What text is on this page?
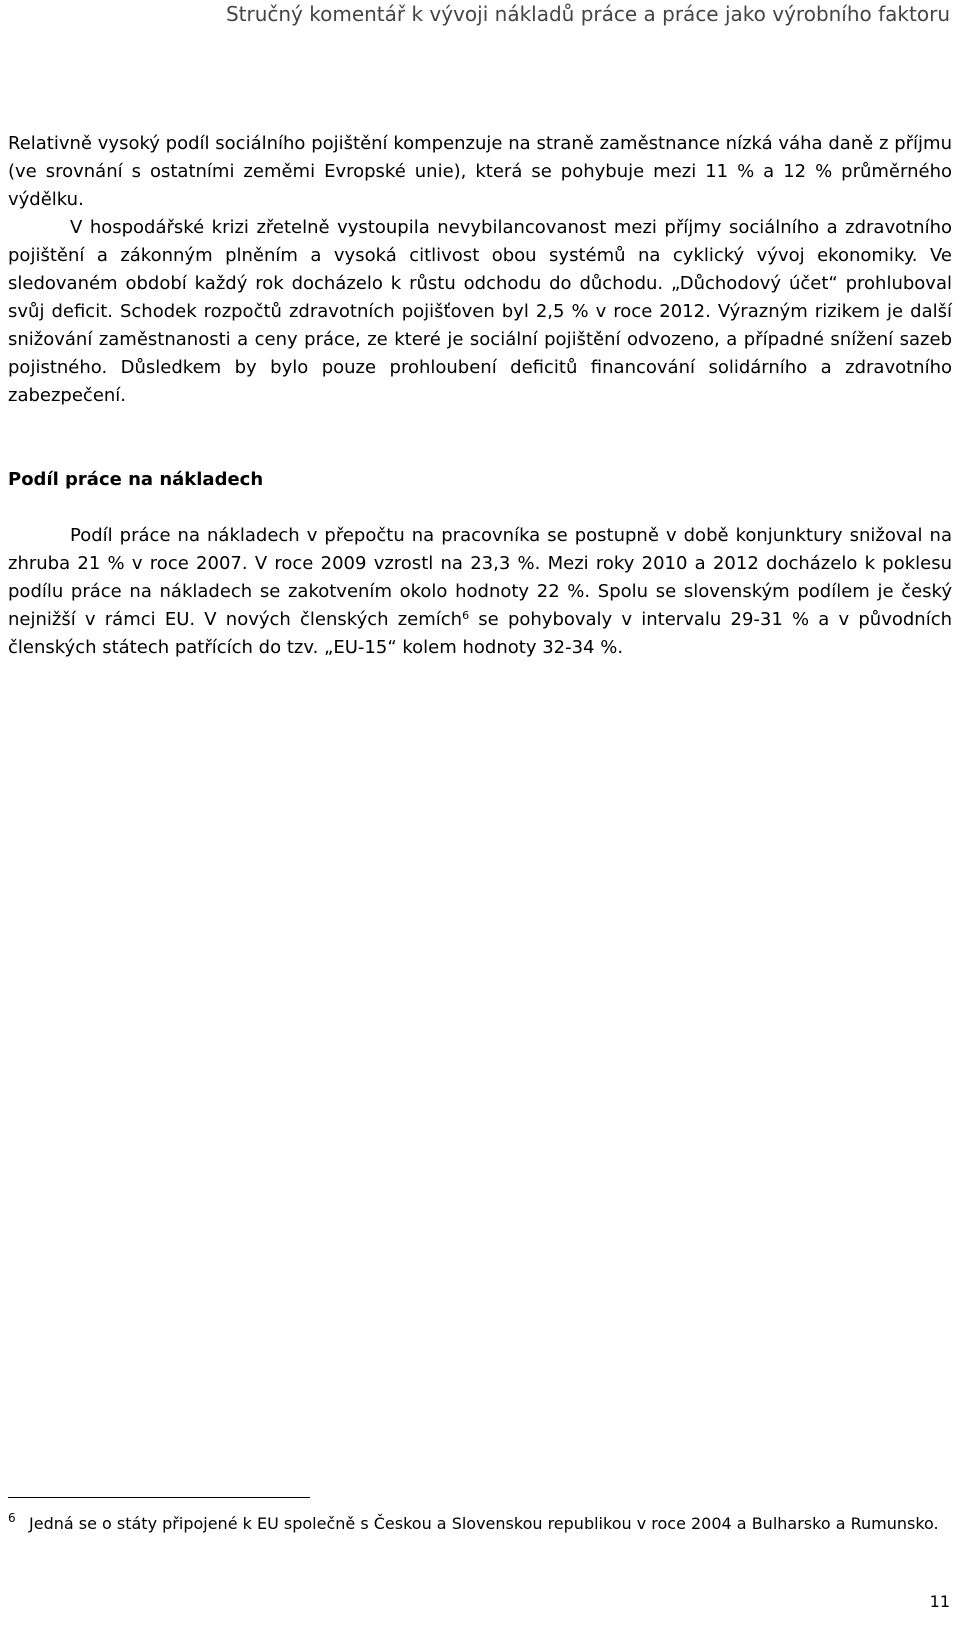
Stručný komentář k vývoji nákladů práce a práce jako výrobního faktoru

Relativně vysoký podíl sociálního pojištění kompenzuje na straně zaměstnance nízká váha daně z příjmu (ve srovnání s ostatními zeměmi Evropské unie), která se pohybuje mezi 11 % a 12 % průměrného výdělku.

V hospodářské krizi zřetelně vystoupila nevybilancovanost mezi příjmy sociálního a zdravotního pojištění a zákonným plněním a vysoká citlivost obou systémů na cyklický vývoj ekonomiky. Ve sledovaném období každý rok docházelo k růstu odchodu do důchodu. „Důchodový účet“ prohluboval svůj deficit. Schodek rozpočtů zdravotních pojišťoven byl 2,5 % v roce 2012. Výrazným rizikem je další snižování zaměstnanosti a ceny práce, ze které je sociální pojištění odvozeno, a případné snížení sazeb pojistného. Důsledkem by bylo pouze prohloubení deficitů financování solidárního a zdravotního zabezpečení.

Podíl práce na nákladech

Podíl práce na nákladech v přepočtu na pracovníka se postupně v době konjunktury snižoval na zhruba 21 % v roce 2007. V roce 2009 vzrostl na 23,3 %. Mezi roky 2010 a 2012 docházelo k poklesu podílu práce na nákladech se zakotvením okolo hodnoty 22 %. Spolu se slovenským podílem je český nejnižší v rámci EU. V nových členských zemích$^6$ se pohybovaly v intervalu 29-31 % a v původních členských státech patřících do tzv. „EU-15“ kolem hodnoty 32-34 %.

6 Jedná se o státy připojené k EU společně s Českou a Slovenskou republikou v roce 2004 a Bulharsko a Rumunsko.
11
